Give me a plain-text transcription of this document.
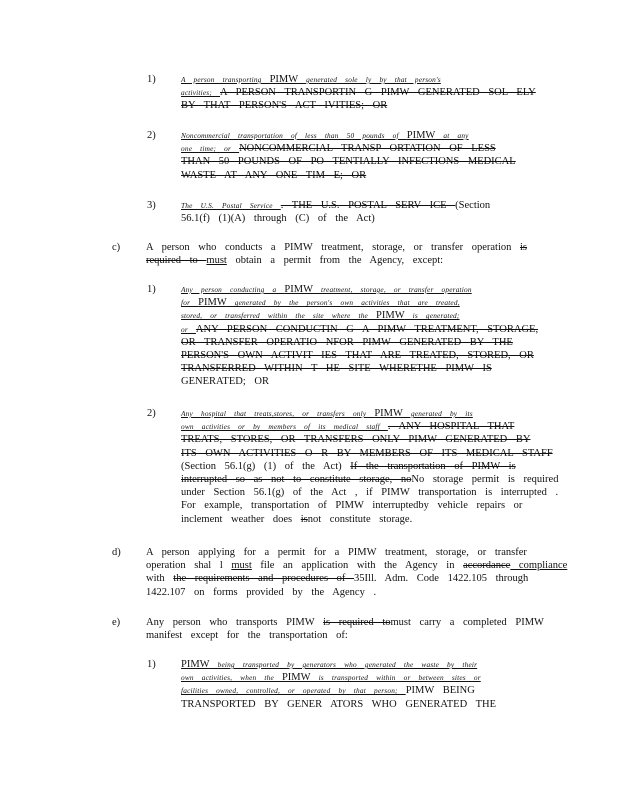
1)	A person transporting PIMW generated sole ly by that person's
activities; A PERSON TRANSPORTIN G PIMW GENERATED SOL ELY
BY THAT PERSON'S ACT IVITIES; OR
2)	Noncommercial transportation of less than 50 pounds of PIMW at any
one time; or NONCOMMERCIAL TRANSP ORTATION OF LESS
THAN 50 POUNDS OF PO TENTIALLY INFECTIONS MEDICAL
WASTE AT ANY ONE TIM E; OR
3)	The U.S. Postal Service . THE U.S. POSTAL SERV ICE (Section
56.1(f) (1)(A) through (C) of the Act)
c) A person who conducts a PIMW treatment, storage, or transfer operation is
required to must obtain a permit from the Agency, except:
1)	Any person conducting a PIMW treatment, storage, or transfer operation
for PIMW generated by the person's own activities that are treated,
stored, or transferred within the site where the PIMW is generated;
or ANY PERSON CONDUCTIN G A PIMW TREATMENT, STORAGE,
OR TRANSFER OPERATIO NFOR PIMW GENERATED BY THE
PERSON'S OWN ACTIVIT IES THAT ARE TREATED, STORED, OR
TRANSFERRED WITHIN T HE SITE WHERETHE PIMW IS
GENERATED; OR
2)	Any hospital that treats,stores, or transfers only PIMW generated by its
own activities or by members of its medical staff . ANY HOSPITAL THAT
TREATS, STORES, OR TRANSFERS ONLY PIMW GENERATED BY
ITS OWN ACTIVITIES O R BY MEMBERS OF ITS MEDICAL STAFF
(Section 56.1(g) (1) of the Act) If the transportation of PIMW is
interrupted so as not to constitute storage, noNo storage permit is required
under Section 56.1(g) of the Act , if PIMW transportation is interrupted .
For example, transportation of PIMW interruptedby vehicle repairs or
inclement weather does isnot constitute storage.
d) A person applying for a permit for a PIMW treatment, storage, or transfer
operation shal l must file an application with the Agency in accordance compliance
with the requirements and procedures of 35Ill. Adm. Code 1422.105 through
1422.107 on forms provided by the Agency .
e) Any person who transports PIMW is required tomust carry a completed PIMW
manifest except for the transportation of:
1) PIMW being transported by generators who generated the waste by their
own activities, when the PIMW is transported within or between sites or
facilities owned, controlled, or operated by that person; PIMW BEING
TRANSPORTED BY GENER ATORS WHO GENERATED THE
